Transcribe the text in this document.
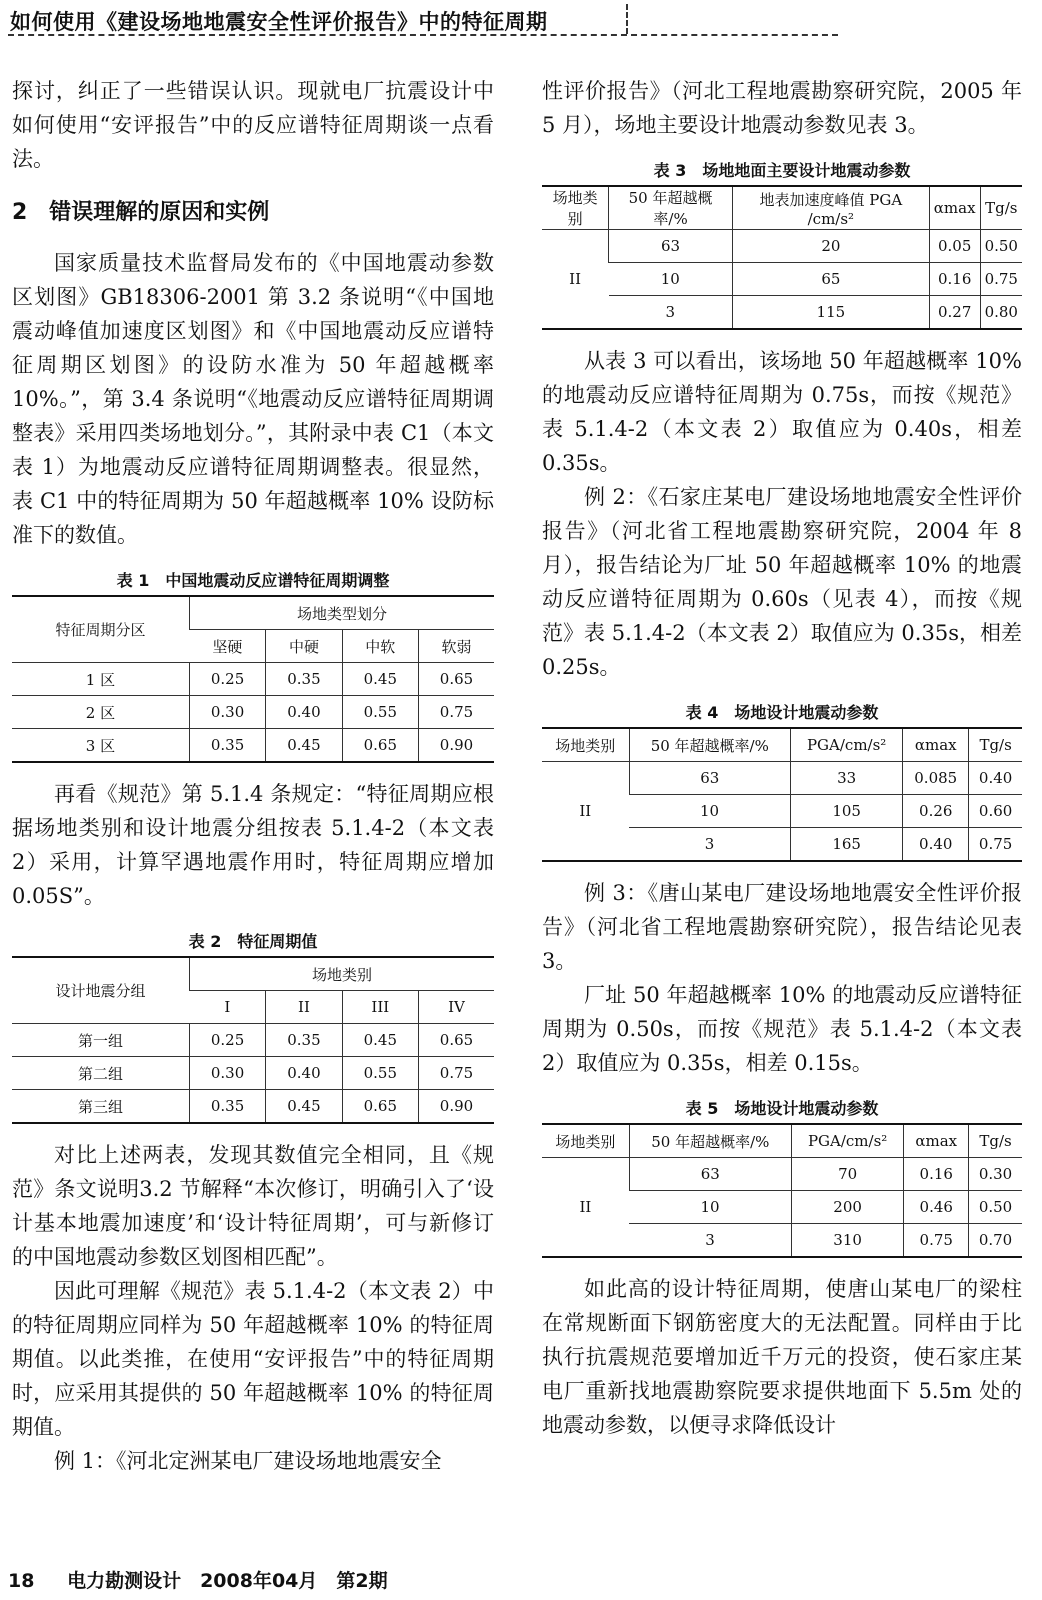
如何使用《建设场地地震安全性评价报告》中的特征周期

探讨，纠正了一些错误认识。现就电厂抗震设计中如何使用“安评报告”中的反应谱特征周期谈一点看法。

2　错误理解的原因和实例

国家质量技术监督局发布的《中国地震动参数区划图》GB18306-2001 第 3.2 条说明“《中国地震动峰值加速度区划图》和《中国地震动反应谱特征周期区划图》的设防水准为 50 年超越概率 10%。”，第 3.4 条说明“《地震动反应谱特征周期调整表》采用四类场地划分。”，其附录中表 C1（本文表 1）为地震动反应谱特征周期调整表。很显然，表 C1 中的特征周期为 50 年超越概率 10% 设防标准下的数值。

表 1　中国地震动反应谱特征周期调整
特征周期分区	场地类型划分			
	坚硬	中硬	中软	软弱
1 区	0.25	0.35	0.45	0.65
2 区	0.30	0.40	0.55	0.75
3 区	0.35	0.45	0.65	0.90

再看《规范》第 5.1.4 条规定：“特征周期应根据场地类别和设计地震分组按表 5.1.4-2（本文表 2）采用，计算罕遇地震作用时，特征周期应增加 0.05S”。

表 2　特征周期值
设计地震分组	场地类别			
	I	II	III	IV
第一组	0.25	0.35	0.45	0.65
第二组	0.30	0.40	0.55	0.75
第三组	0.35	0.45	0.65	0.90

对比上述两表，发现其数值完全相同，且《规范》条文说明3.2 节解释“本次修订，明确引入了‘设计基本地震加速度’和‘设计特征周期’，可与新修订的中国地震动参数区划图相匹配”。

因此可理解《规范》表 5.1.4-2（本文表 2）中的特征周期应同样为 50 年超越概率 10% 的特征周期值。以此类推，在使用“安评报告”中的特征周期时，应采用其提供的 50 年超越概率 10% 的特征周期值。

例 1：《河北定洲某电厂建设场地地震安全

性评价报告》（河北工程地震勘察研究院，2005 年 5 月），场地主要设计地震动参数见表 3。

表 3　场地地面主要设计地震动参数
场地类别	50 年超越概率/%	地表加速度峰值 PGA /cm/s²	αmax	Tg/s
II	63	20	0.05	0.50
	10	65	0.16	0.75
	3	115	0.27	0.80

从表 3 可以看出，该场地 50 年超越概率 10% 的地震动反应谱特征周期为 0.75s，而按《规范》表 5.1.4-2（本文表 2）取值应为 0.40s，相差 0.35s。

例 2：《石家庄某电厂建设场地地震安全性评价报告》（河北省工程地震勘察研究院，2004 年 8 月），报告结论为厂址 50 年超越概率 10% 的地震动反应谱特征周期为 0.60s（见表 4），而按《规范》表 5.1.4-2（本文表 2）取值应为 0.35s，相差 0.25s。

表 4　场地设计地震动参数
场地类别	50 年超越概率/%	PGA/cm/s²	αmax	Tg/s
II	63	33	0.085	0.40
	10	105	0.26	0.60
	3	165	0.40	0.75

例 3：《唐山某电厂建设场地地震安全性评价报告》（河北省工程地震勘察研究院），报告结论见表 3。

厂址 50 年超越概率 10% 的地震动反应谱特征周期为 0.50s，而按《规范》表 5.1.4-2（本文表 2）取值应为 0.35s，相差 0.15s。

表 5　场地设计地震动参数
场地类别	50 年超越概率/%	PGA/cm/s²	αmax	Tg/s
II	63	70	0.16	0.30
	10	200	0.46	0.50
	3	310	0.75	0.70

如此高的设计特征周期，使唐山某电厂的梁柱在常规断面下钢筋密度大的无法配置。同样由于比执行抗震规范要增加近千万元的投资，使石家庄某电厂重新找地震勘察院要求提供地面下 5.5m 处的地震动参数，以便寻求降低设计

18 电力勘测设计　2008年04月　第2期
